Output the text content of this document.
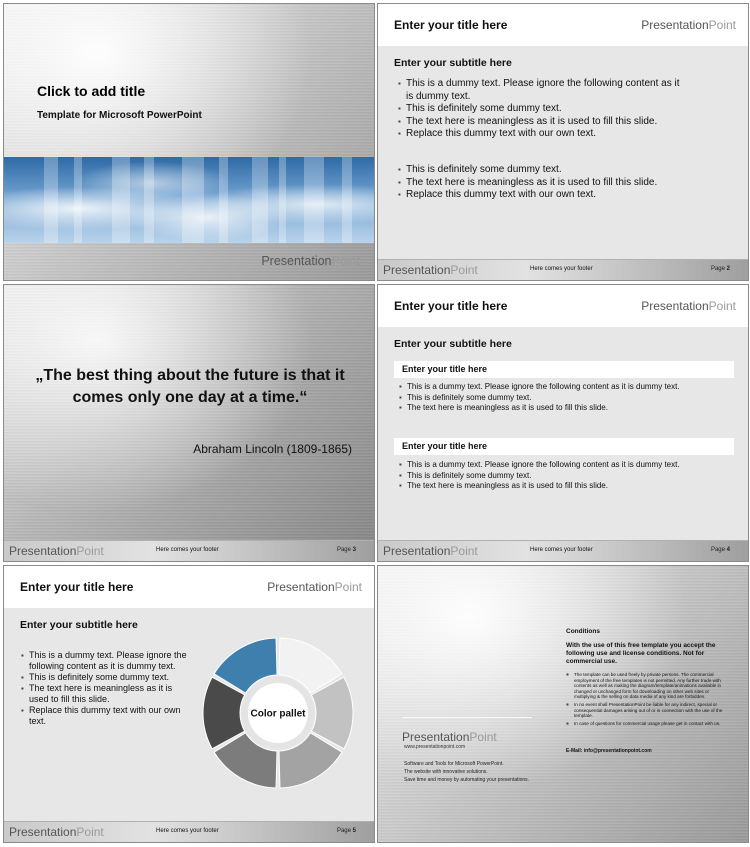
Click to add title
Template for Microsoft PowerPoint
PresentationPoint
Enter your title here	PresentationPoint
Enter your subtitle here
▪ This is a dummy text. Please ignore the following content as it is dummy text.
▪ This is definitely some dummy text.
▪ The text here is meaningless as it is used to fill this slide.
▪ Replace this dummy text with our own text.
▪ This is definitely some dummy text.
▪ The text here is meaningless as it is used to fill this slide.
▪ Replace this dummy text with our own text.
PresentationPoint	Here comes your footer	Page 2
„The best thing about the future is that it comes only one day at a time.“
Abraham Lincoln (1809-1865)
PresentationPoint	Here comes your footer	Page 3
Enter your title here	PresentationPoint
Enter your subtitle here
Enter your title here
▪ This is a dummy text. Please ignore the following content as it is dummy text.
▪ This is definitely some dummy text.
▪ The text here is meaningless as it is used to fill this slide.
Enter your title here
▪ This is a dummy text. Please ignore the following content as it is dummy text.
▪ This is definitely some dummy text.
▪ The text here is meaningless as it is used to fill this slide.
PresentationPoint	Here comes your footer	Page 4
Enter your title here	PresentationPoint
Enter your subtitle here
▪ This is a dummy text. Please ignore the following content as it is dummy text.
▪ This is definitely some dummy text.
▪ The text here is meaningless as it is used to fill this slide.
▪ Replace this dummy text with our own text.
Color pallet
PresentationPoint	Here comes your footer	Page 5
Conditions
With the use of this free template you accept the following use and license conditions. Not for commercial use.
▪ The template can be used freely by private persons. The commercial employment of the free templates is not permitted. Any further trade with contents as well as making the diagram/template/animations available in changed or unchanged form for downloading on other web sites or multiplying & the selling on data media of any kind are forbidden.
▪ In no event shall PresentationPoint be liable for any indirect, special or consequential damages arising out of or in connection with the use of the template.
▪ In case of questions for commercial usage please get in contact with us.
E-Mail: info@presentationpoint.com
PresentationPoint
www.presentationpoint.com
Software and Tools for Microsoft PowerPoint.
The website with innovative solutions.
Save time and money by automating your presentations.
